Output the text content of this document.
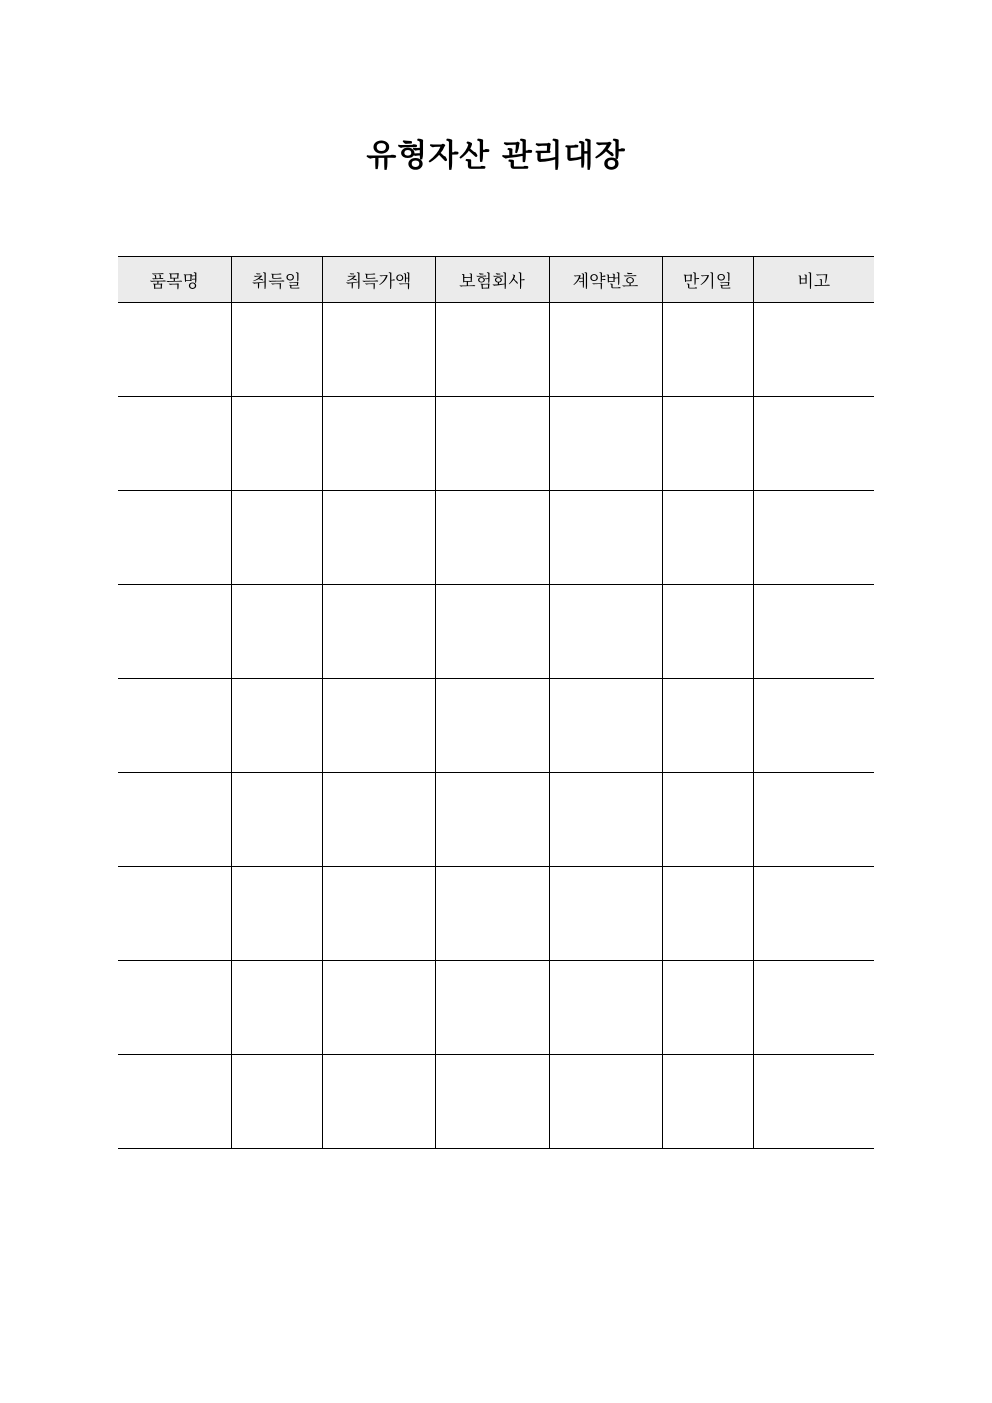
유형자산 관리대장
품목명	취득일	취득가액	보험회사	계약번호	만기일	비고
